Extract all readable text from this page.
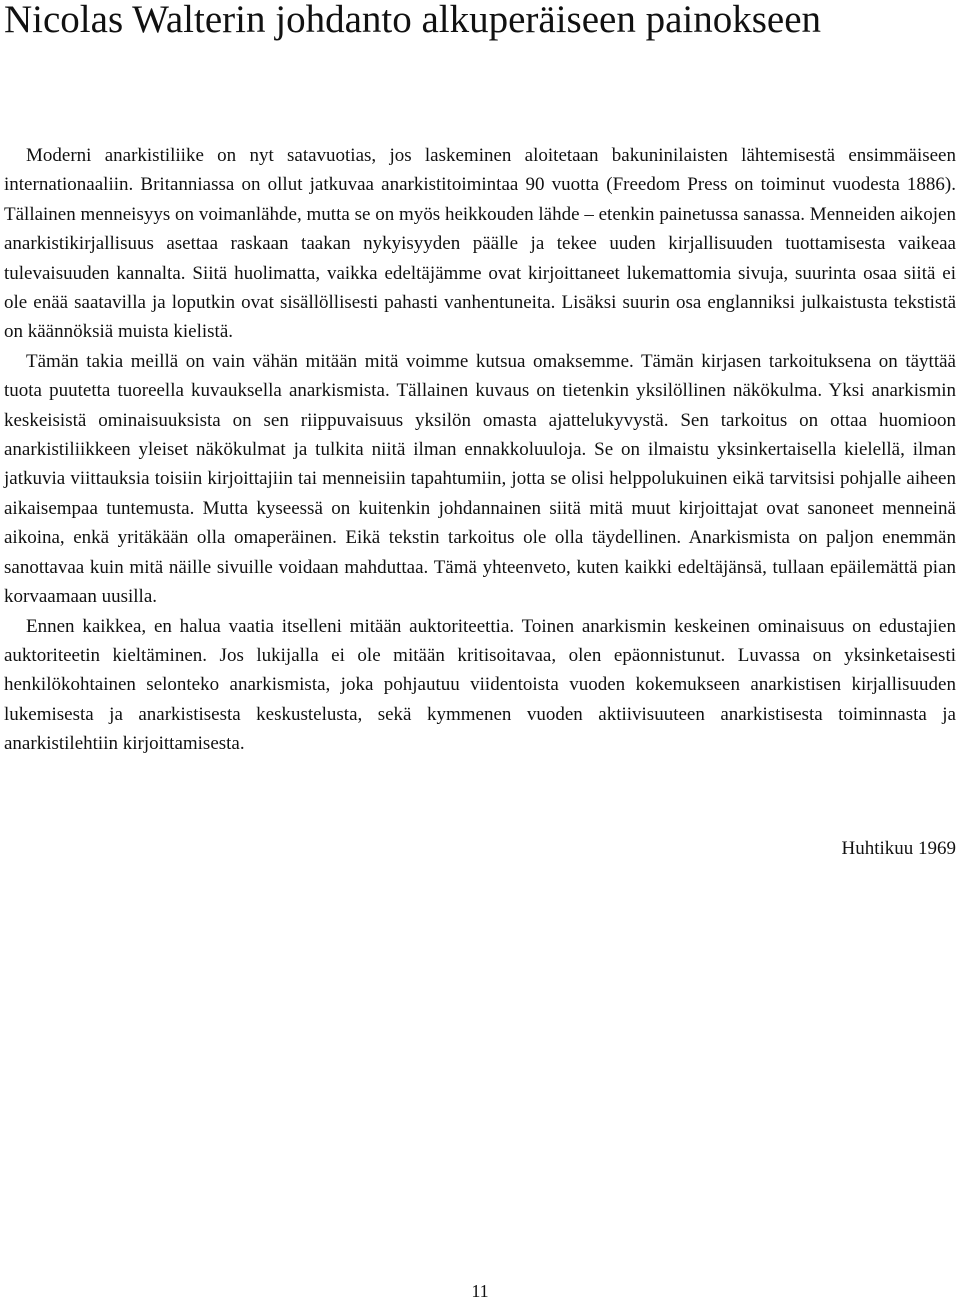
Nicolas Walterin johdanto alkuperäiseen painokseen

Moderni anarkistiliike on nyt satavuotias, jos laskeminen aloitetaan bakuninilaisten lähtemisestä ensimmäiseen internationaaliin. Britanniassa on ollut jatkuvaa anarkistitoimintaa 90 vuotta (Freedom Press on toiminut vuodesta 1886). Tällainen menneisyys on voimanlähde, mutta se on myös heikkouden lähde – etenkin painetussa sanassa. Menneiden aikojen anarkistikirjallisuus asettaa raskaan taakan nykyisyyden päälle ja tekee uuden kirjallisuuden tuottamisesta vaikeaa tulevaisuuden kannalta. Siitä huolimatta, vaikka edeltäjämme ovat kirjoittaneet lukemattomia sivuja, suurinta osaa siitä ei ole enää saatavilla ja loputkin ovat sisällöllisesti pahasti vanhentuneita. Lisäksi suurin osa englanniksi julkaistusta tekstistä on käännöksiä muista kielistä.

Tämän takia meillä on vain vähän mitään mitä voimme kutsua omaksemme. Tämän kirjasen tarkoituksena on täyttää tuota puutetta tuoreella kuvauksella anarkismista. Tällainen kuvaus on tietenkin yksilöllinen näkökulma. Yksi anarkismin keskeisistä ominaisuuksista on sen riippuvaisuus yksilön omasta ajattelukyvystä. Sen tarkoitus on ottaa huomioon anarkistiliikkeen yleiset näkökulmat ja tulkita niitä ilman ennakkoluuloja. Se on ilmaistu yksinkertaisella kielellä, ilman jatkuvia viittauksia toisiin kirjoittajiin tai menneisiin tapahtumiin, jotta se olisi helppolukuinen eikä tarvitsisi pohjalle aiheen aikaisempaa tuntemusta. Mutta kyseessä on kuitenkin johdannainen siitä mitä muut kirjoittajat ovat sanoneet menneinä aikoina, enkä yritäkään olla omaperäinen. Eikä tekstin tarkoitus ole olla täydellinen. Anarkismista on paljon enemmän sanottavaa kuin mitä näille sivuille voidaan mahduttaa. Tämä yhteenveto, kuten kaikki edeltäjänsä, tullaan epäilemättä pian korvaamaan uusilla.

Ennen kaikkea, en halua vaatia itselleni mitään auktoriteettia. Toinen anarkismin keskeinen ominaisuus on edustajien auktoriteetin kieltäminen. Jos lukijalla ei ole mitään kritisoitavaa, olen epäonnistunut. Luvassa on yksinketaisesti henkilökohtainen selonteko anarkismista, joka pohjautuu viidentoista vuoden kokemukseen anarkistisen kirjallisuuden lukemisesta ja anarkistisesta keskustelusta, sekä kymmenen vuoden aktiivisuuteen anarkistisesta toiminnasta ja anarkistilehtiin kirjoittamisesta.

Huhtikuu 1969
11
